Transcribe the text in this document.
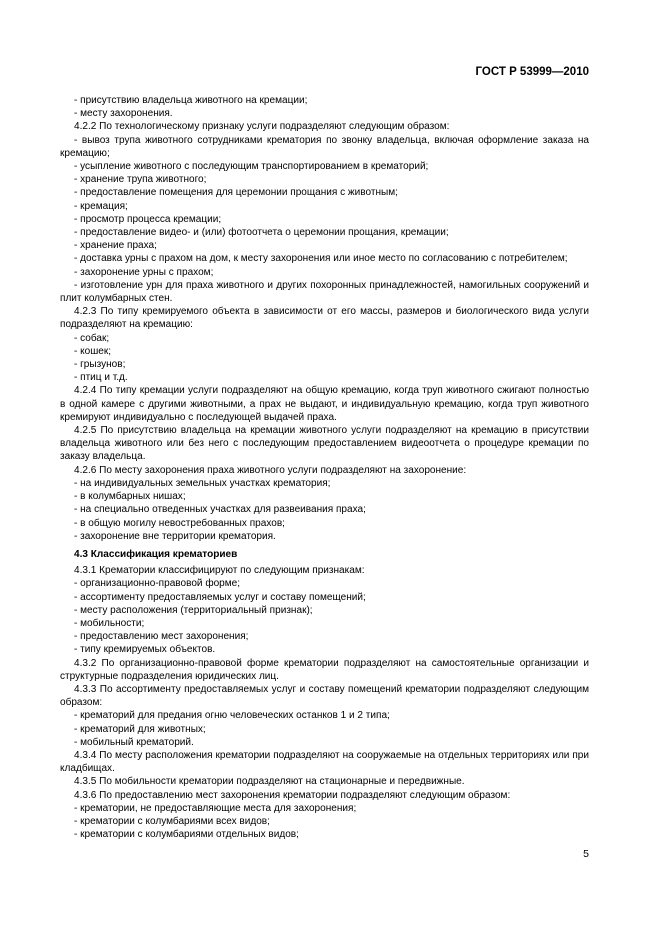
ГОСТ Р 53999—2010

- присутствию владельца животного на кремации;

- месту захоронения.

4.2.2 По технологическому признаку услуги подразделяют следующим образом:

- вывоз трупа животного сотрудниками крематория по звонку владельца, включая оформление заказа на кремацию;

- усыпление животного с последующим транспортированием в крематорий;

- хранение трупа животного;

- предоставление помещения для церемонии прощания с животным;

- кремация;

- просмотр процесса кремации;

- предоставление видео- и (или) фотоотчета о церемонии прощания, кремации;

- хранение праха;

- доставка урны с прахом на дом, к месту захоронения или иное место по согласованию с потребителем;

- захоронение урны с прахом;

- изготовление урн для праха животного и других похоронных принадлежностей, намогильных сооружений и плит колумбарных стен.

4.2.3 По типу кремируемого объекта в зависимости от его массы, размеров и биологического вида услуги подразделяют на кремацию:

- собак;

- кошек;

- грызунов;

- птиц и т.д.

4.2.4 По типу кремации услуги подразделяют на общую кремацию, когда труп животного сжигают полностью в одной камере с другими животными, а прах не выдают, и индивидуальную кремацию, когда труп животного кремируют индивидуально с последующей выдачей праха.

4.2.5 По присутствию владельца на кремации животного услуги подразделяют на кремацию в присутствии владельца животного или без него с последующим предоставлением видеоотчета о процедуре кремации по заказу владельца.

4.2.6 По месту захоронения праха животного услуги подразделяют на захоронение:

- на индивидуальных земельных участках крематория;

- в колумбарных нишах;

- на специально отведенных участках для развеивания праха;

- в общую могилу невостребованных прахов;

- захоронение вне территории крематория.

4.3 Классификация крематориев

4.3.1 Крематории классифицируют по следующим признакам:

- организационно-правовой форме;

- ассортименту предоставляемых услуг и составу помещений;

- месту расположения (территориальный признак);

- мобильности;

- предоставлению мест захоронения;

- типу кремируемых объектов.

4.3.2 По организационно-правовой форме крематории подразделяют на самостоятельные организации и структурные подразделения юридических лиц.

4.3.3 По ассортименту предоставляемых услуг и составу помещений крематории подразделяют следующим образом:

- крематорий для предания огню человеческих останков 1 и 2 типа;

- крематорий для животных;

- мобильный крематорий.

4.3.4 По месту расположения крематории подразделяют на сооружаемые на отдельных территориях или при кладбищах.

4.3.5 По мобильности крематории подразделяют на стационарные и передвижные.

4.3.6 По предоставлению мест захоронения крематории подразделяют следующим образом:

- крематории, не предоставляющие места для захоронения;

- крематории с колумбариями всех видов;

- крематории с колумбариями отдельных видов;

5
